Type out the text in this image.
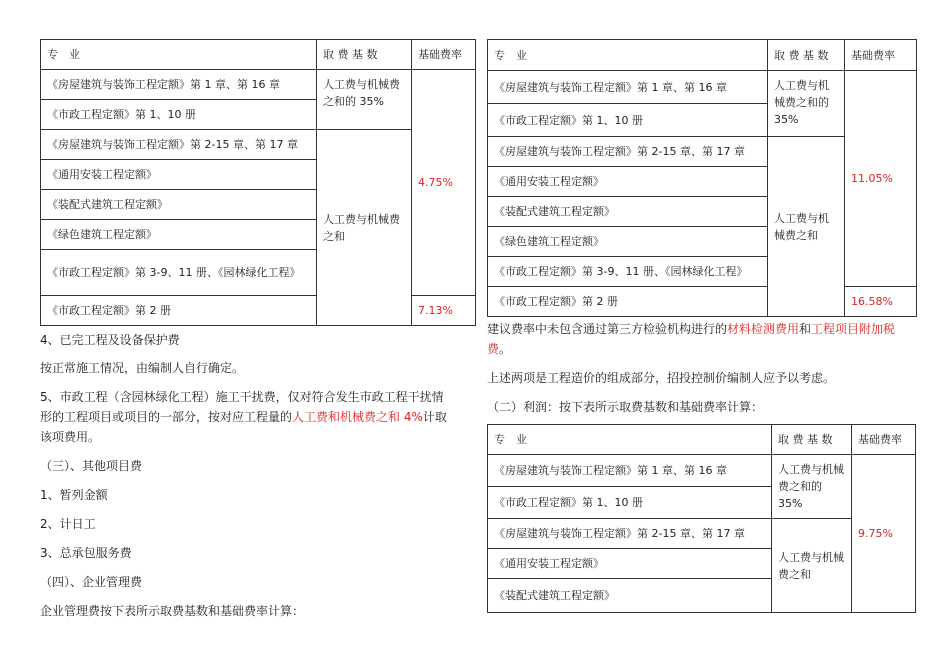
专　业	取 费 基 数	基础费率
《房屋建筑与装饰工程定额》第 1 章、第 16 章	人工费与机械费之和的 35%	4.75%
《市政工程定额》第 1、10 册		
《房屋建筑与装饰工程定额》第 2-15 章、第 17 章	人工费与机械费之和	
《通用安装工程定额》		
《装配式建筑工程定额》		
《绿色建筑工程定额》		
《市政工程定额》第 3-9、11 册、《园林绿化工程》		
《市政工程定额》第 2 册		7.13%
4、已完工程及设备保护费
按正常施工情况，由编制人自行确定。
5、市政工程（含园林绿化工程）施工干扰费，仅对符合发生市政工程干扰情
形的工程项目或项目的一部分，按对应工程量的人工费和机械费之和 4%计取
该项费用。
（三）、其他项目费
1、暂列金额
2、计日工
3、总承包服务费
（四）、企业管理费
企业管理费按下表所示取费基数和基础费率计算：
专　业	取 费 基 数	基础费率
《房屋建筑与装饰工程定额》第 1 章、第 16 章	人工费与机械费之和的 35%	11.05%
《市政工程定额》第 1、10 册		
《房屋建筑与装饰工程定额》第 2-15 章、第 17 章	人工费与机械费之和	
《通用安装工程定额》		
《装配式建筑工程定额》		
《绿色建筑工程定额》		
《市政工程定额》第 3-9、11 册、《园林绿化工程》		
《市政工程定额》第 2 册		16.58%
建议费率中未包含通过第三方检验机构进行的材料检测费用和工程项目附加税
费。
上述两项是工程造价的组成部分，招投控制价编制人应予以考虑。
（二）利润：按下表所示取费基数和基础费率计算：
专　业	取 费 基 数	基础费率
《房屋建筑与装饰工程定额》第 1 章、第 16 章	人工费与机械费之和的 35%	9.75%
《市政工程定额》第 1、10 册		
《房屋建筑与装饰工程定额》第 2-15 章、第 17 章	人工费与机械费之和	
《通用安装工程定额》		
《装配式建筑工程定额》		
